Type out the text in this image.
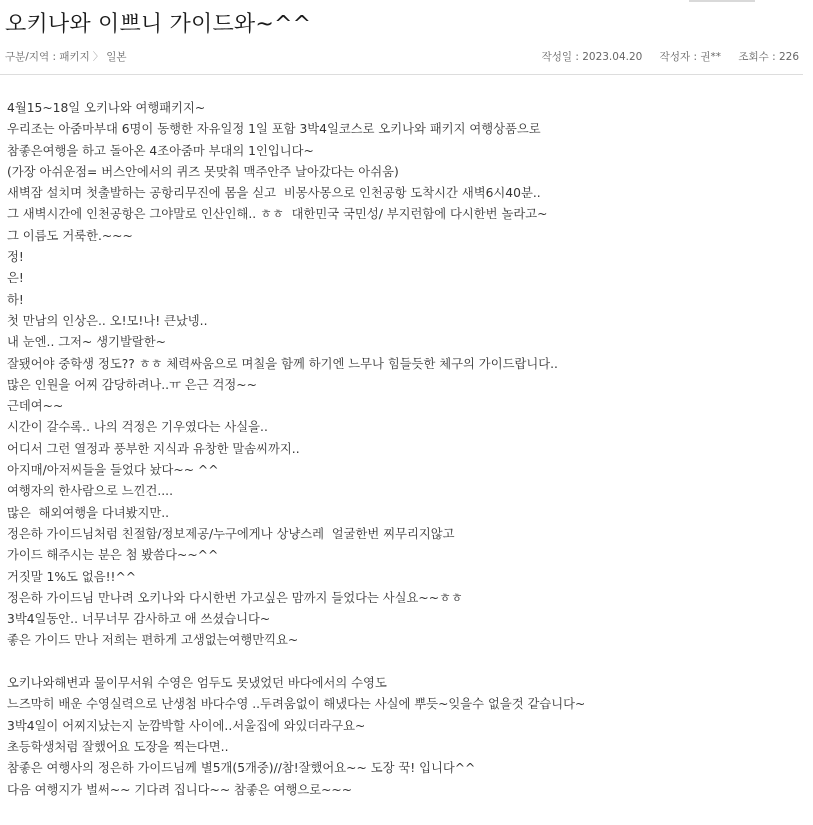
오키나와 이쁘니 가이드와~^^
구분/지역 : 패키지 〉 일본	작성일 : 2023.04.20 작성자 : 권** 조회수 : 226
4월15~18일 오키나와 여행패키지~
우리조는 아줌마부대 6명이 동행한 자유일정 1일 포함 3박4일코스로 오키나와 패키지 여행상품으로
참좋은여행을 하고 돌아온 4조아줌마 부대의 1인입니다~
(가장 아쉬운점= 버스안에서의 퀴즈 못맞춰 맥주안주 날아갔다는 아쉬움)
새벽잠 설치며 첫출발하는 공항리무진에 몸을 싣고  비몽사몽으로 인천공항 도착시간 새벽6시40분..
그 새벽시간에 인천공항은 그야말로 인산인해.. ㅎㅎ  대한민국 국민성/ 부지런함에 다시한번 놀라고~
그 이름도 거룩한.~~~
정!
은!
하!
첫 만남의 인상은.. 오!모!나! 큰났넹..
내 눈엔.. 그저~ 생기발랄한~
잘됐어야 중학생 정도?? ㅎㅎ 체력싸움으로 며칠을 함께 하기엔 느무나 힘들듯한 체구의 가이드랍니다..
많은 인원을 어찌 감당하려나..ㅠ 은근 걱정~~
근데여~~
시간이 갈수록.. 나의 걱정은 기우였다는 사실을..
어디서 그런 열정과 풍부한 지식과 유창한 말솜씨까지..
아지매/아저씨들을 들었다 놨다~~ ^^
여행자의 한사람으로 느낀건....
많은  해외여행을 다녀봤지만..
정은하 가이드님처럼 친절함/정보제공/누구에게나 상냥스레  얼굴한번 찌무리지않고
가이드 해주시는 분은 첨 봤씀다~~^^
거짓말 1%도 없음!!^^
정은하 가이드님 만나려 오키나와 다시한번 가고싶은 맘까지 들었다는 사실요~~ㅎㅎ
3박4일동안.. 너무너무 감사하고 애 쓰셨습니다~
좋은 가이드 만나 저희는 편하게 고생없는여행만끽요~
오키나와해변과 물이무서워 수영은 엄두도 못냈었던 바다에서의 수영도
느즈막히 배운 수영실력으로 난생첨 바다수영 ..두려움없이 해냈다는 사실에 뿌듯~잊을수 없을것 같습니다~
3박4일이 어찌지났는지 눈깜박할 사이에..서울집에 와있더라구요~
초등학생처럼 잘했어요 도장을 찍는다면..
참좋은 여행사의 정은하 가이드님께 별5개(5개중)//참!잘했어요~~ 도장 꾹! 입니다^^
다음 여행지가 벌써~~ 기다려 집니다~~ 참좋은 여행으로~~~
